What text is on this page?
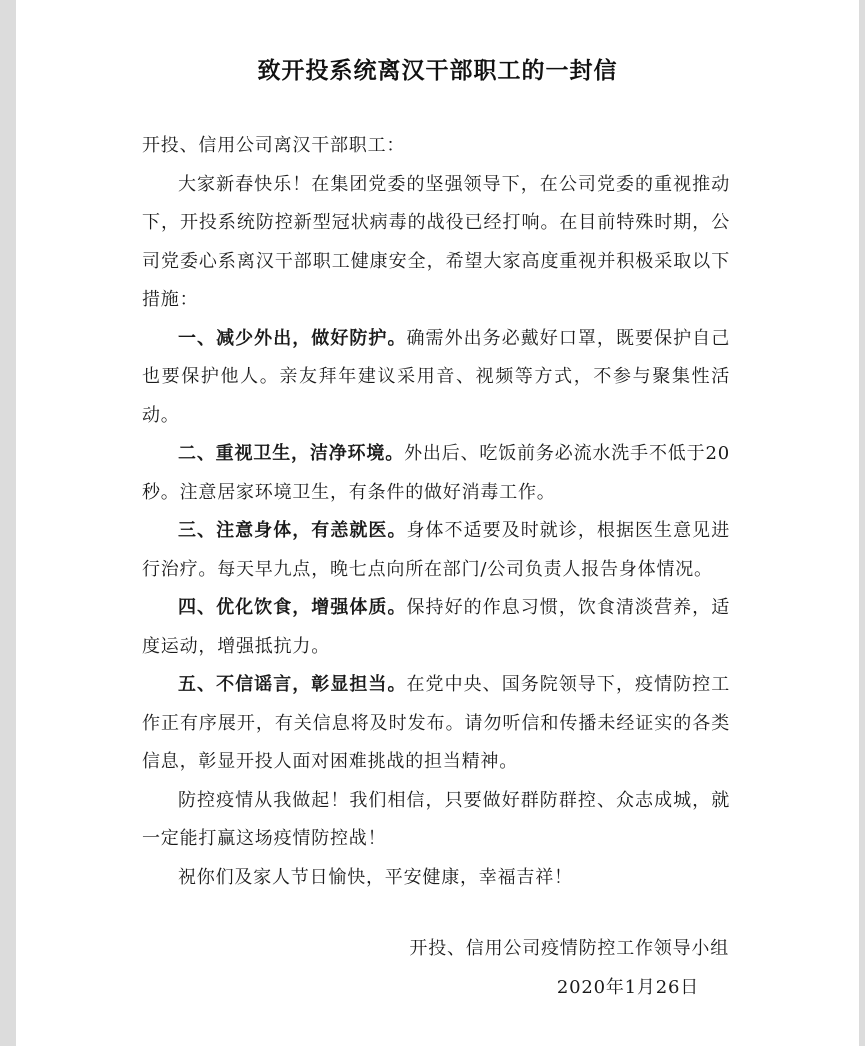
致开投系统离汉干部职工的一封信

开投、信用公司离汉干部职工：

大家新春快乐！在集团党委的坚强领导下，在公司党委的重视推动下，开投系统防控新型冠状病毒的战役已经打响。在目前特殊时期，公司党委心系离汉干部职工健康安全，希望大家高度重视并积极采取以下措施：

一、减少外出，做好防护。确需外出务必戴好口罩，既要保护自己也要保护他人。亲友拜年建议采用音、视频等方式，不参与聚集性活动。

二、重视卫生，洁净环境。外出后、吃饭前务必流水洗手不低于20秒。注意居家环境卫生，有条件的做好消毒工作。

三、注意身体，有恙就医。身体不适要及时就诊，根据医生意见进行治疗。每天早九点，晚七点向所在部门/公司负责人报告身体情况。

四、优化饮食，增强体质。保持好的作息习惯，饮食清淡营养，适度运动，增强抵抗力。

五、不信谣言，彰显担当。在党中央、国务院领导下，疫情防控工作正有序展开，有关信息将及时发布。请勿听信和传播未经证实的各类信息，彰显开投人面对困难挑战的担当精神。

防控疫情从我做起！我们相信，只要做好群防群控、众志成城，就一定能打赢这场疫情防控战！

祝你们及家人节日愉快，平安健康，幸福吉祥！

开投、信用公司疫情防控工作领导小组
2020年1月26日
